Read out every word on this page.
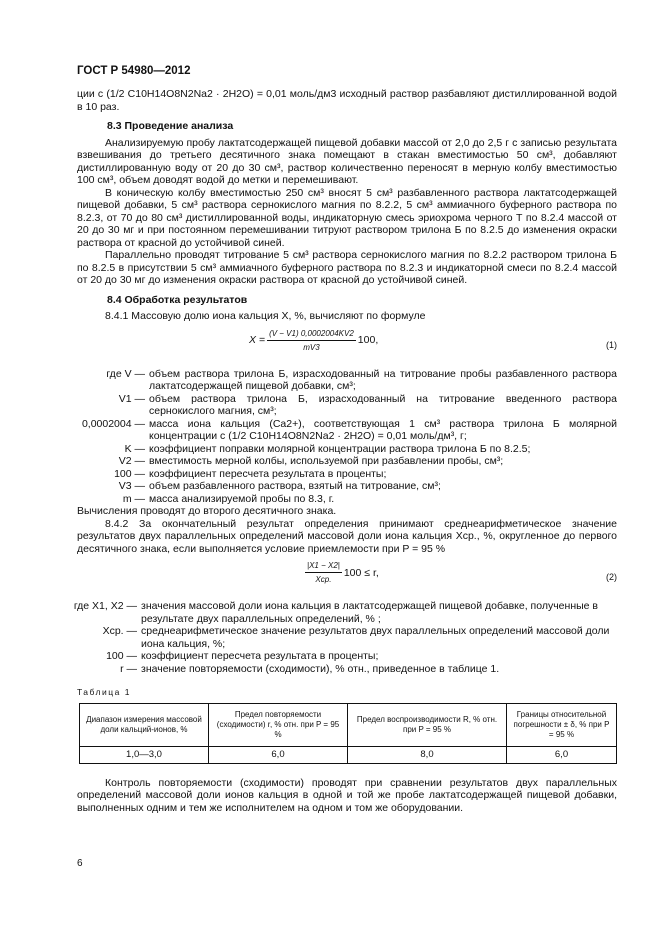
ГОСТ Р 54980—2012

ции с (1/2 C10H14O8N2Na2 · 2H2O) = 0,01 моль/дм3 исходный раствор разбавляют дистиллированной водой в 10 раз.

8.3 Проведение анализа

Анализируемую пробу лактатсодержащей пищевой добавки массой от 2,0 до 2,5 г с записью результата взвешивания до третьего десятичного знака помещают в стакан вместимостью 50 см³, добавляют дистиллированную воду от 20 до 30 см³, раствор количественно переносят в мерную колбу вместимостью 100 см³, объем доводят водой до метки и перемешивают.

В коническую колбу вместимостью 250 см³ вносят 5 см³ разбавленного раствора лактатсодержащей пищевой добавки, 5 см³ раствора сернокислого магния по 8.2.2, 5 см³ аммиачного буферного раствора по 8.2.3, от 70 до 80 см³ дистиллированной воды, индикаторную смесь эриохрома черного Т по 8.2.4 массой от 20 до 30 мг и при постоянном перемешивании титруют раствором трилона Б по 8.2.5 до изменения окраски раствора от красной до устойчивой синей.

Параллельно проводят титрование 5 см³ раствора сернокислого магния по 8.2.2 раствором трилона Б по 8.2.5 в присутствии 5 см³ аммиачного буферного раствора по 8.2.3 и индикаторной смеси по 8.2.4 массой от 20 до 30 мг до изменения окраски раствора от красной до устойчивой синей.

8.4 Обработка результатов

8.4.1 Массовую долю иона кальция X, %, вычисляют по формуле

$X = \frac{(V - V1) 0,0002004KV2}{mV3} 100$,	(1)
где V — объем раствора трилона Б, израсходованный на титрование пробы разбавленного раствора лактатсодержащей пищевой добавки, см³;
V1 — объем раствора трилона Б, израсходованный на титрование введенного раствора сернокислого магния, см³;
0,0002004 — масса иона кальция (Ca2+), соответствующая 1 см³ раствора трилона Б молярной концентрации с (1/2 C10H14O8N2Na2 · 2H2O) = 0,01 моль/дм³, г;
K — коэффициент поправки молярной концентрации раствора трилона Б по 8.2.5;
V2 — вместимость мерной колбы, используемой при разбавлении пробы, см³;
100 — коэффициент пересчета результата в проценты;
V3 — объем разбавленного раствора, взятый на титрование, см³;
m — масса анализируемой пробы по 8.3, г.

Вычисления проводят до второго десятичного знака.

8.4.2 За окончательный результат определения принимают среднеарифметическое значение результатов двух параллельных определений массовой доли иона кальция Xср., %, округленное до первого десятичного знака, если выполняется условие приемлемости при P = 95 %

$\frac{|X1 - X2|}{\text{Xср.}} 100 \le r$,	(2)
где X1, X2 — значения массовой доли иона кальция в лактатсодержащей пищевой добавке, полученные в результате двух параллельных определений, % ;
Xср. — среднеарифметическое значение результатов двух параллельных определений массовой доли иона кальция, %;
100 — коэффициент пересчета результата в проценты;
r — значение повторяемости (сходимости), % отн., приведенное в таблице 1.
Таблица 1
Диапазон измерения массовой доли кальций-ионов, %	Предел повторяемости (сходимости) r, % отн. при P = 95 %	Предел воспроизводимости R, % отн. при P = 95 %	Границы относительной погрешности ± δ, % при P = 95 %
1,0—3,0	6,0	8,0	6,0

Контроль повторяемости (сходимости) проводят при сравнении результатов двух параллельных определений массовой доли ионов кальция в одной и той же пробе лактатсодержащей пищевой добавки, выполненных одним и тем же исполнителем на одном и том же оборудовании.

6
